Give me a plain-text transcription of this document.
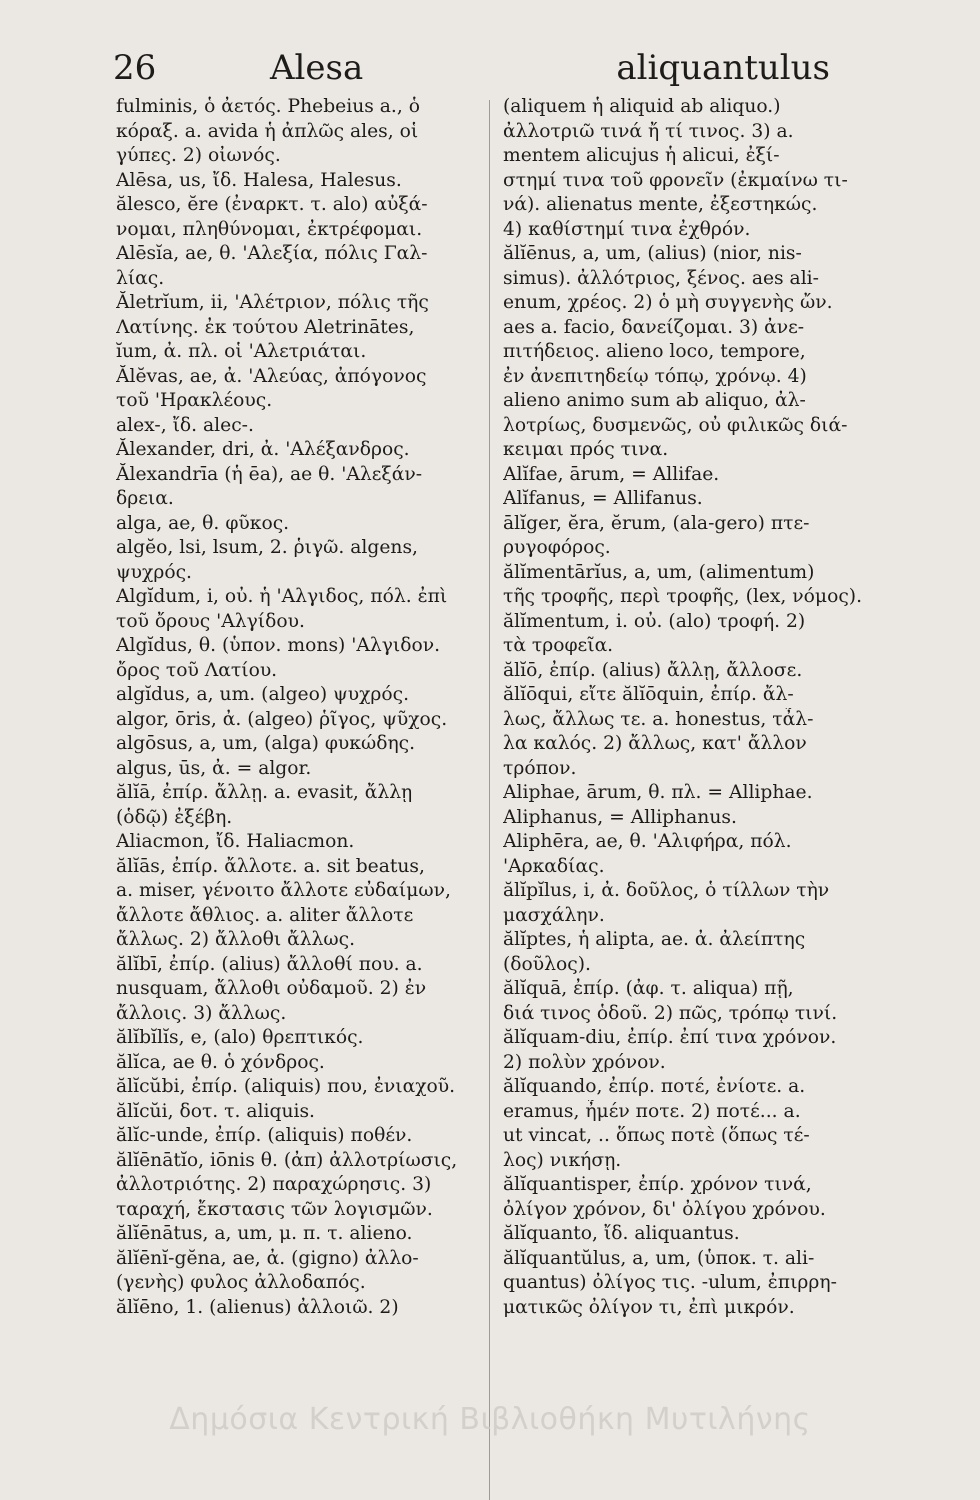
26	Alesa	aliquantulus
fulminis, ὁ ἀετός. Phebeius a., ὁ
κόραξ. a. avida ἡ ἀπλῶς ales, οἱ
γύπες. 2) οἰωνός.
Alēsa, us, ἴδ. Halesa, Halesus.
ălesco, ĕre (ἐναρκτ. τ. alo) αὐξά-
νομαι, πληθύνομαι, ἐκτρέφομαι.
Alēsĭa, ae, θ. 'Αλεξία, πόλις Γαλ-
λίας.
Ăletrĭum, ii, 'Αλέτριον, πόλις τῆς
Λατίνης. ἐκ τούτου Aletrinātes,
ĭum, ἀ. πλ. οἱ 'Αλετριάται.
Ălĕvas, ae, ἀ. 'Αλεύας, ἀπόγονος
τοῦ 'Ηρακλέους.
alex-, ἴδ. alec-.
Ălexander, dri, ἀ. 'Αλέξανδρος.
Ălexandrīa (ἡ ēa), ae θ. 'Αλεξάν-
δρεια.
alga, ae, θ. φῦκος.
algĕo, lsi, lsum, 2. ῥιγῶ. algens,
ψυχρός.
Algĭdum, i, οὐ. ἡ 'Αλγιδος, πόλ. ἐπὶ
τοῦ ὄρους 'Αλγίδου.
Algĭdus, θ. (ὑπον. mons) 'Αλγιδον.
ὄρος τοῦ Λατίου.
algĭdus, a, um. (algeo) ψυχρός.
algor, ōris, ἀ. (algeo) ῥῖγος, ψῦχος.
algōsus, a, um, (alga) φυκώδης.
algus, ūs, ἀ. = algor.
ălĭā, ἐπίρ. ἄλλῃ. a. evasit, ἄλλῃ
(ὁδῷ) ἐξέβη.
Aliacmon, ἴδ. Haliacmon.
ălĭās, ἐπίρ. ἄλλοτε. a. sit beatus,
a. miser, γένοιτο ἄλλοτε εὐδαίμων,
ἄλλοτε ἄθλιος. a. aliter ἄλλοτε
ἄλλως. 2) ἄλλοθι ἄλλως.
ălĭbī, ἐπίρ. (alius) ἄλλοθί που. a.
nusquam, ἄλλοθι οὐδαμοῦ. 2) ἐν
ἄλλοις. 3) ἄλλως.
ălĭbĭlĭs, e, (alo) θρεπτικός.
ălĭca, ae θ. ὁ χόνδρος.
ălĭcŭbi, ἐπίρ. (aliquis) που, ἐνιαχοῦ.
ălĭcŭi, δοτ. τ. aliquis.
ălĭc-unde, ἐπίρ. (aliquis) ποθέν.
ălĭēnātĭo, iōnis θ. (ἀπ) ἀλλοτρίωσις,
ἀλλοτριότης. 2) παραχώρησις. 3)
ταραχή, ἔκστασις τῶν λογισμῶν.
ălĭēnātus, a, um, μ. π. τ. alieno.
ălĭēnĭ-gĕna, ae, ἀ. (gigno) ἀλλο-
(γενὴς) φυλος ἀλλοδαπός.
ălĭēno, 1. (alienus) ἀλλοιῶ. 2)
(aliquem ἡ aliquid ab aliquo.)
ἀλλοτριῶ τινά ἤ τί τινος. 3) a.
mentem alicujus ἡ alicui, ἐξί-
στημί τινα τοῦ φρονεῖν (ἐκμαίνω τι-
νά). alienatus mente, ἐξεστηκώς.
4) καθίστημί τινα ἐχθρόν.
ălĭēnus, a, um, (alius) (nior, nis-
simus). ἀλλότριος, ξένος. aes ali-
enum, χρέος. 2) ὁ μὴ συγγενὴς ὤν.
aes a. facio, δανείζομαι. 3) ἀνε-
πιτήδειος. alieno loco, tempore,
ἐν ἀνεπιτηδείῳ τόπῳ, χρόνῳ. 4)
alieno animo sum ab aliquo, ἀλ-
λοτρίως, δυσμενῶς, οὐ φιλικῶς διά-
κειμαι πρός τινα.
Alĭfae, ārum, = Allifae.
Alĭfanus, = Allifanus.
ālĭger, ĕra, ĕrum, (ala-gero) πτε-
ρυγοφόρος.
ălĭmentārĭus, a, um, (alimentum)
τῆς τροφῆς, περὶ τροφῆς, (lex, νόμος).
ălĭmentum, i. οὐ. (alo) τροφή. 2)
τὰ τροφεῖα.
ălĭō, ἐπίρ. (alius) ἄλλῃ, ἄλλοσε.
ălĭōqui, εἴτε ălĭōquin, ἐπίρ. ἄλ-
λως, ἄλλως τε. a. honestus, τἆλ-
λα καλός. 2) ἄλλως, κατ' ἄλλον
τρόπον.
Aliphae, ārum, θ. πλ. = Alliphae.
Aliphanus, = Alliphanus.
Aliphēra, ae, θ. 'Αλιφήρα, πόλ.
'Αρκαδίας.
ălĭpĭlus, i, ἀ. δοῦλος, ὁ τίλλων τὴν
μασχάλην.
ălĭptes, ἡ alipta, ae. ἀ. ἀλείπτης
(δοῦλος).
ălĭquā, ἐπίρ. (ἀφ. τ. aliqua) πῇ,
διά τινος ὁδοῦ. 2) πῶς, τρόπῳ τινί.
ălĭquam-diu, ἐπίρ. ἐπί τινα χρόνον.
2) πολὺν χρόνον.
ălĭquando, ἐπίρ. ποτέ, ἐνίοτε. a.
eramus, ἦμέν ποτε. 2) ποτέ... a.
ut vincat, .. ὅπως ποτὲ (ὅπως τέ-
λος) νικήσῃ.
ălĭquantisper, ἐπίρ. χρόνον τινά,
ὀλίγον χρόνον, δι' ὀλίγου χρόνου.
ălĭquanto, ἴδ. aliquantus.
ălĭquantŭlus, a, um, (ὑποκ. τ. ali-
quantus) ὀλίγος τις. -ulum, ἐπιρρη-
ματικῶς ὀλίγον τι, ἐπὶ μικρόν.
Δημόσια Κεντρική Βιβλιοθήκη Μυτιλήνης
